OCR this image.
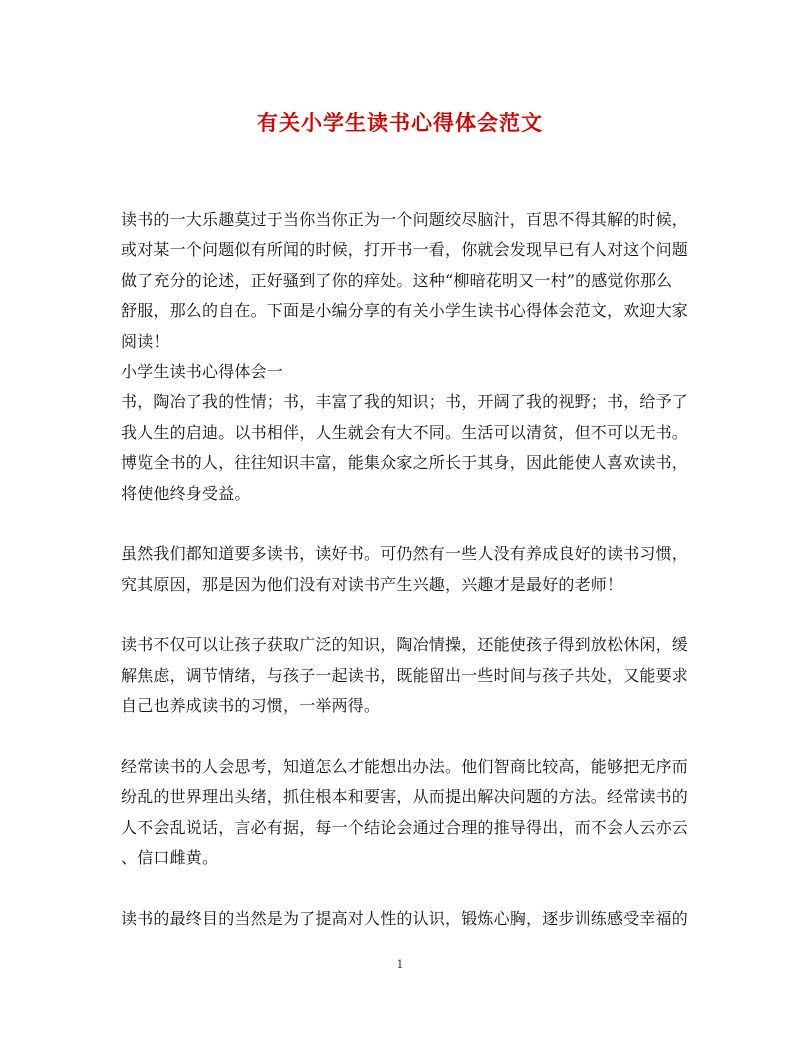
有关小学生读书心得体会范文
读书的一大乐趣莫过于当你当你正为一个问题绞尽脑汁，百思不得其解的时候，
或对某一个问题似有所闻的时候，打开书一看，你就会发现早已有人对这个问题
做了充分的论述，正好骚到了你的痒处。这种“柳暗花明又一村”的感觉你那么
舒服，那么的自在。下面是小编分享的有关小学生读书心得体会范文，欢迎大家
阅读！
小学生读书心得体会一
书，陶冶了我的性情；书，丰富了我的知识；书，开阔了我的视野；书，给予了
我人生的启迪。以书相伴，人生就会有大不同。生活可以清贫，但不可以无书。
博览全书的人，往往知识丰富，能集众家之所长于其身，因此能使人喜欢读书，
将使他终身受益。
虽然我们都知道要多读书，读好书。可仍然有一些人没有养成良好的读书习惯，
究其原因，那是因为他们没有对读书产生兴趣，兴趣才是最好的老师！
读书不仅可以让孩子获取广泛的知识，陶冶情操，还能使孩子得到放松休闲，缓
解焦虑，调节情绪，与孩子一起读书，既能留出一些时间与孩子共处，又能要求
自己也养成读书的习惯，一举两得。
经常读书的人会思考，知道怎么才能想出办法。他们智商比较高，能够把无序而
纷乱的世界理出头绪，抓住根本和要害，从而提出解决问题的方法。经常读书的
人不会乱说话，言必有据，每一个结论会通过合理的推导得出，而不会人云亦云
、信口雌黄。
读书的最终目的当然是为了提高对人性的认识，锻炼心胸，逐步训练感受幸福的
1
